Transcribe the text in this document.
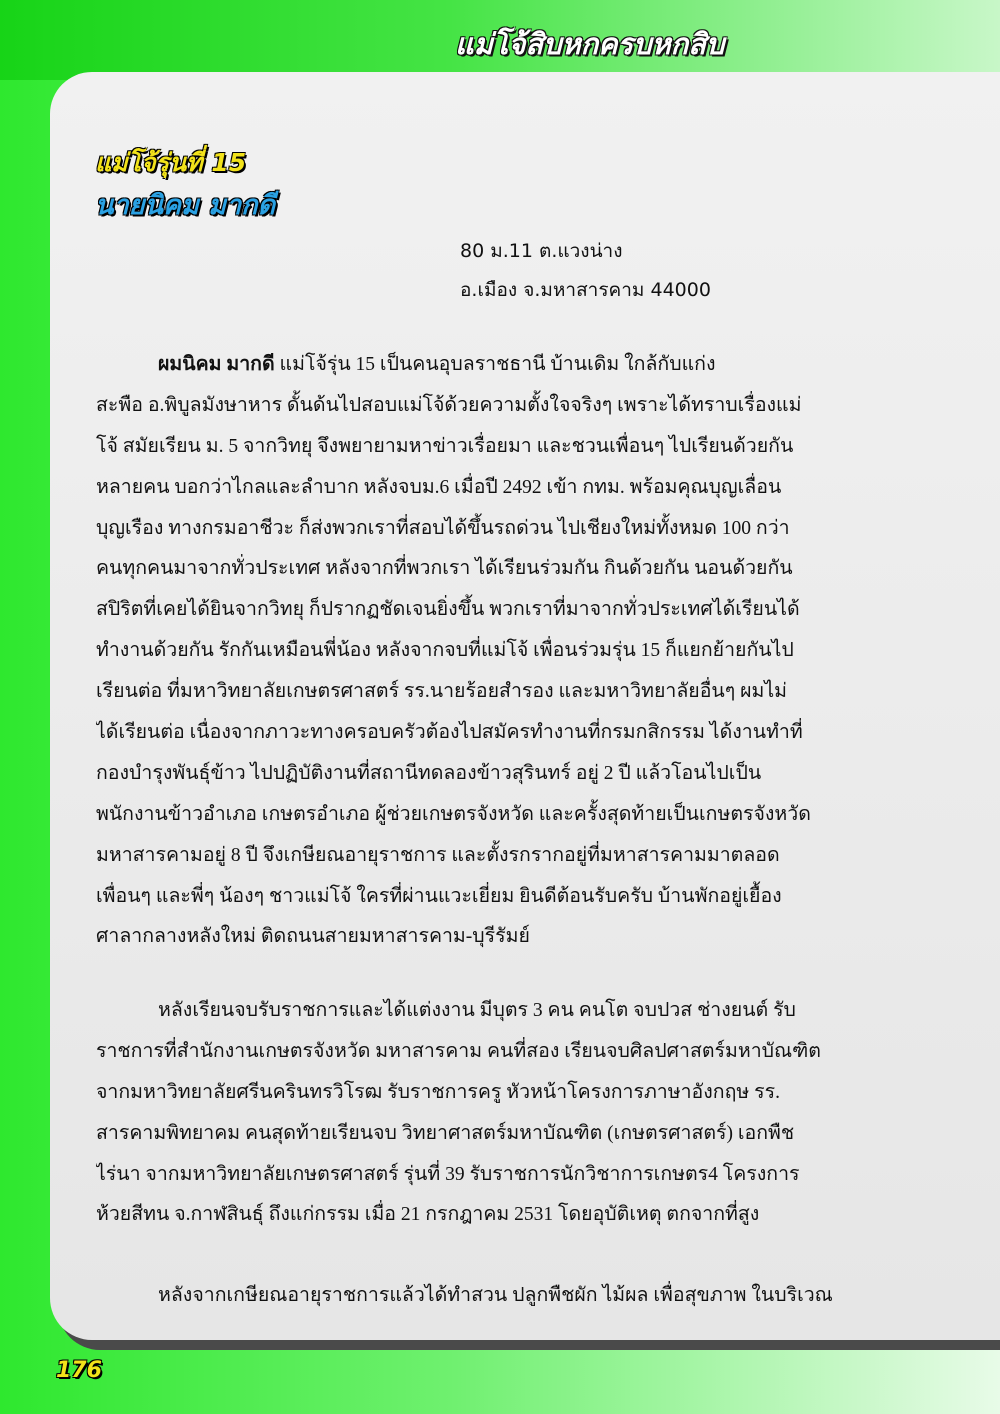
แม่โจ้สิบหกครบหกสิบ
แม่โจ้รุ่นที่ 15
นายนิคม มากดี
80 ม.11 ต.แวงน่าง
อ.เมือง จ.มหาสารคาม 44000
ผมนิคม มากดี แม่โจ้รุ่น 15 เป็นคนอุบลราชธานี บ้านเดิม ใกล้กับแก่ง
สะพือ อ.พิบูลมังษาหาร ดั้นด้นไปสอบแม่โจ้ด้วยความตั้งใจจริงๆ เพราะได้ทราบเรื่องแม่
โจ้ สมัยเรียน ม. 5 จากวิทยุ จึงพยายามหาข่าวเรื่อยมา และชวนเพื่อนๆ ไปเรียนด้วยกัน
หลายคน บอกว่าไกลและลำบาก หลังจบม.6 เมื่อปี 2492 เข้า กทม. พร้อมคุณบุญเลื่อน
บุญเรือง ทางกรมอาชีวะ ก็ส่งพวกเราที่สอบได้ขึ้นรถด่วน ไปเชียงใหม่ทั้งหมด 100 กว่า
คนทุกคนมาจากทั่วประเทศ หลังจากที่พวกเรา ได้เรียนร่วมกัน กินด้วยกัน นอนด้วยกัน
สปิริตที่เคยได้ยินจากวิทยุ ก็ปรากฏชัดเจนยิ่งขึ้น พวกเราที่มาจากทั่วประเทศได้เรียนได้
ทำงานด้วยกัน รักกันเหมือนพี่น้อง หลังจากจบที่แม่โจ้ เพื่อนร่วมรุ่น 15 ก็แยกย้ายกันไป
เรียนต่อ ที่มหาวิทยาลัยเกษตรศาสตร์ รร.นายร้อยสำรอง และมหาวิทยาลัยอื่นๆ ผมไม่
ได้เรียนต่อ เนื่องจากภาวะทางครอบครัวต้องไปสมัครทำงานที่กรมกสิกรรม ได้งานทำที่
กองบำรุงพันธุ์ข้าว ไปปฏิบัติงานที่สถานีทดลองข้าวสุรินทร์ อยู่ 2 ปี แล้วโอนไปเป็น
พนักงานข้าวอำเภอ เกษตรอำเภอ ผู้ช่วยเกษตรจังหวัด และครั้งสุดท้ายเป็นเกษตรจังหวัด
มหาสารคามอยู่ 8 ปี จึงเกษียณอายุราชการ และตั้งรกรากอยู่ที่มหาสารคามมาตลอด
เพื่อนๆ และพี่ๆ น้องๆ ชาวแม่โจ้ ใครที่ผ่านแวะเยี่ยม ยินดีต้อนรับครับ บ้านพักอยู่เยื้อง
ศาลากลางหลังใหม่ ติดถนนสายมหาสารคาม-บุรีรัมย์
หลังเรียนจบรับราชการและได้แต่งงาน มีบุตร 3 คน คนโต จบปวส ช่างยนต์ รับ
ราชการที่สำนักงานเกษตรจังหวัด มหาสารคาม คนที่สอง เรียนจบศิลปศาสตร์มหาบัณฑิต
จากมหาวิทยาลัยศรีนครินทรวิโรฒ รับราชการครู หัวหน้าโครงการภาษาอังกฤษ รร.
สารคามพิทยาคม คนสุดท้ายเรียนจบ วิทยาศาสตร์มหาบัณฑิต (เกษตรศาสตร์) เอกพืช
ไร่นา จากมหาวิทยาลัยเกษตรศาสตร์ รุ่นที่ 39 รับราชการนักวิชาการเกษตร4 โครงการ
ห้วยสีทน จ.กาฬสินธุ์ ถึงแก่กรรม เมื่อ 21 กรกฎาคม 2531 โดยอุบัติเหตุ ตกจากที่สูง
หลังจากเกษียณอายุราชการแล้วได้ทำสวน ปลูกพืชผัก ไม้ผล เพื่อสุขภาพ ในบริเวณ
176
